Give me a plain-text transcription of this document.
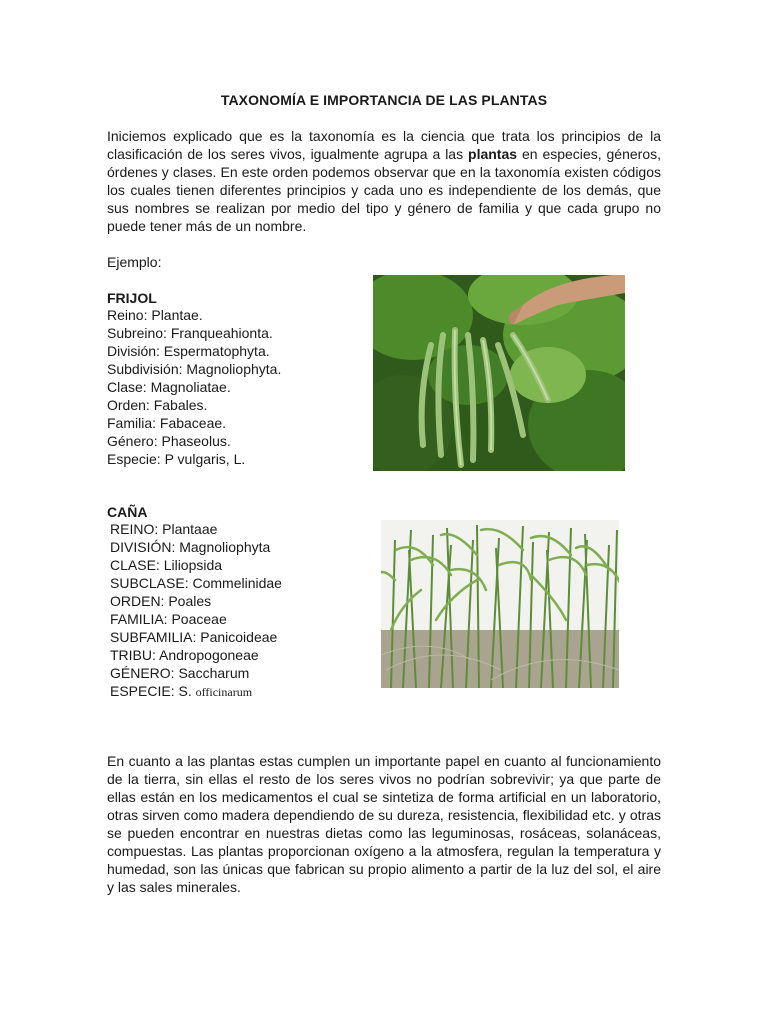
TAXONOMÍA E IMPORTANCIA DE LAS PLANTAS

Iniciemos explicado que es la taxonomía es la ciencia que trata los principios de la clasificación de los seres vivos, igualmente agrupa a las plantas en especies, géneros, órdenes y clases. En este orden podemos observar que en la taxonomía existen códigos los cuales tienen diferentes principios y cada uno es independiente de los demás, que sus nombres se realizan por medio del tipo y género de familia y que cada grupo no puede tener más de un nombre.

Ejemplo:
FRIJOL
Reino: Plantae.
Subreino: Franqueahionta.
División: Espermatophyta.
Subdivisión: Magnoliophyta.
Clase: Magnoliatae.
Orden: Fabales.
Familia: Fabaceae.
Género: Phaseolus.
Especie: P vulgaris, L.
CAÑA
REINO: Plantaae
DIVISIÓN: Magnoliophyta
CLASE: Liliopsida
SUBCLASE: Commelinidae
ORDEN: Poales
FAMILIA: Poaceae
SUBFAMILIA: Panicoideae
TRIBU: Andropogoneae
GÉNERO: Saccharum
ESPECIE: S. officinarum

En cuanto a las plantas estas cumplen un importante papel en cuanto al funcionamiento de la tierra, sin ellas el resto de los seres vivos no podrían sobrevivir; ya que parte de ellas están en los medicamentos el cual se sintetiza de forma artificial en un laboratorio, otras sirven como madera dependiendo de su dureza, resistencia, flexibilidad etc. y otras se pueden encontrar en nuestras dietas como las leguminosas, rosáceas, solanáceas, compuestas. Las plantas proporcionan oxígeno a la atmosfera, regulan la temperatura y humedad, son las únicas que fabrican su propio alimento a partir de la luz del sol, el aire y las sales minerales.
